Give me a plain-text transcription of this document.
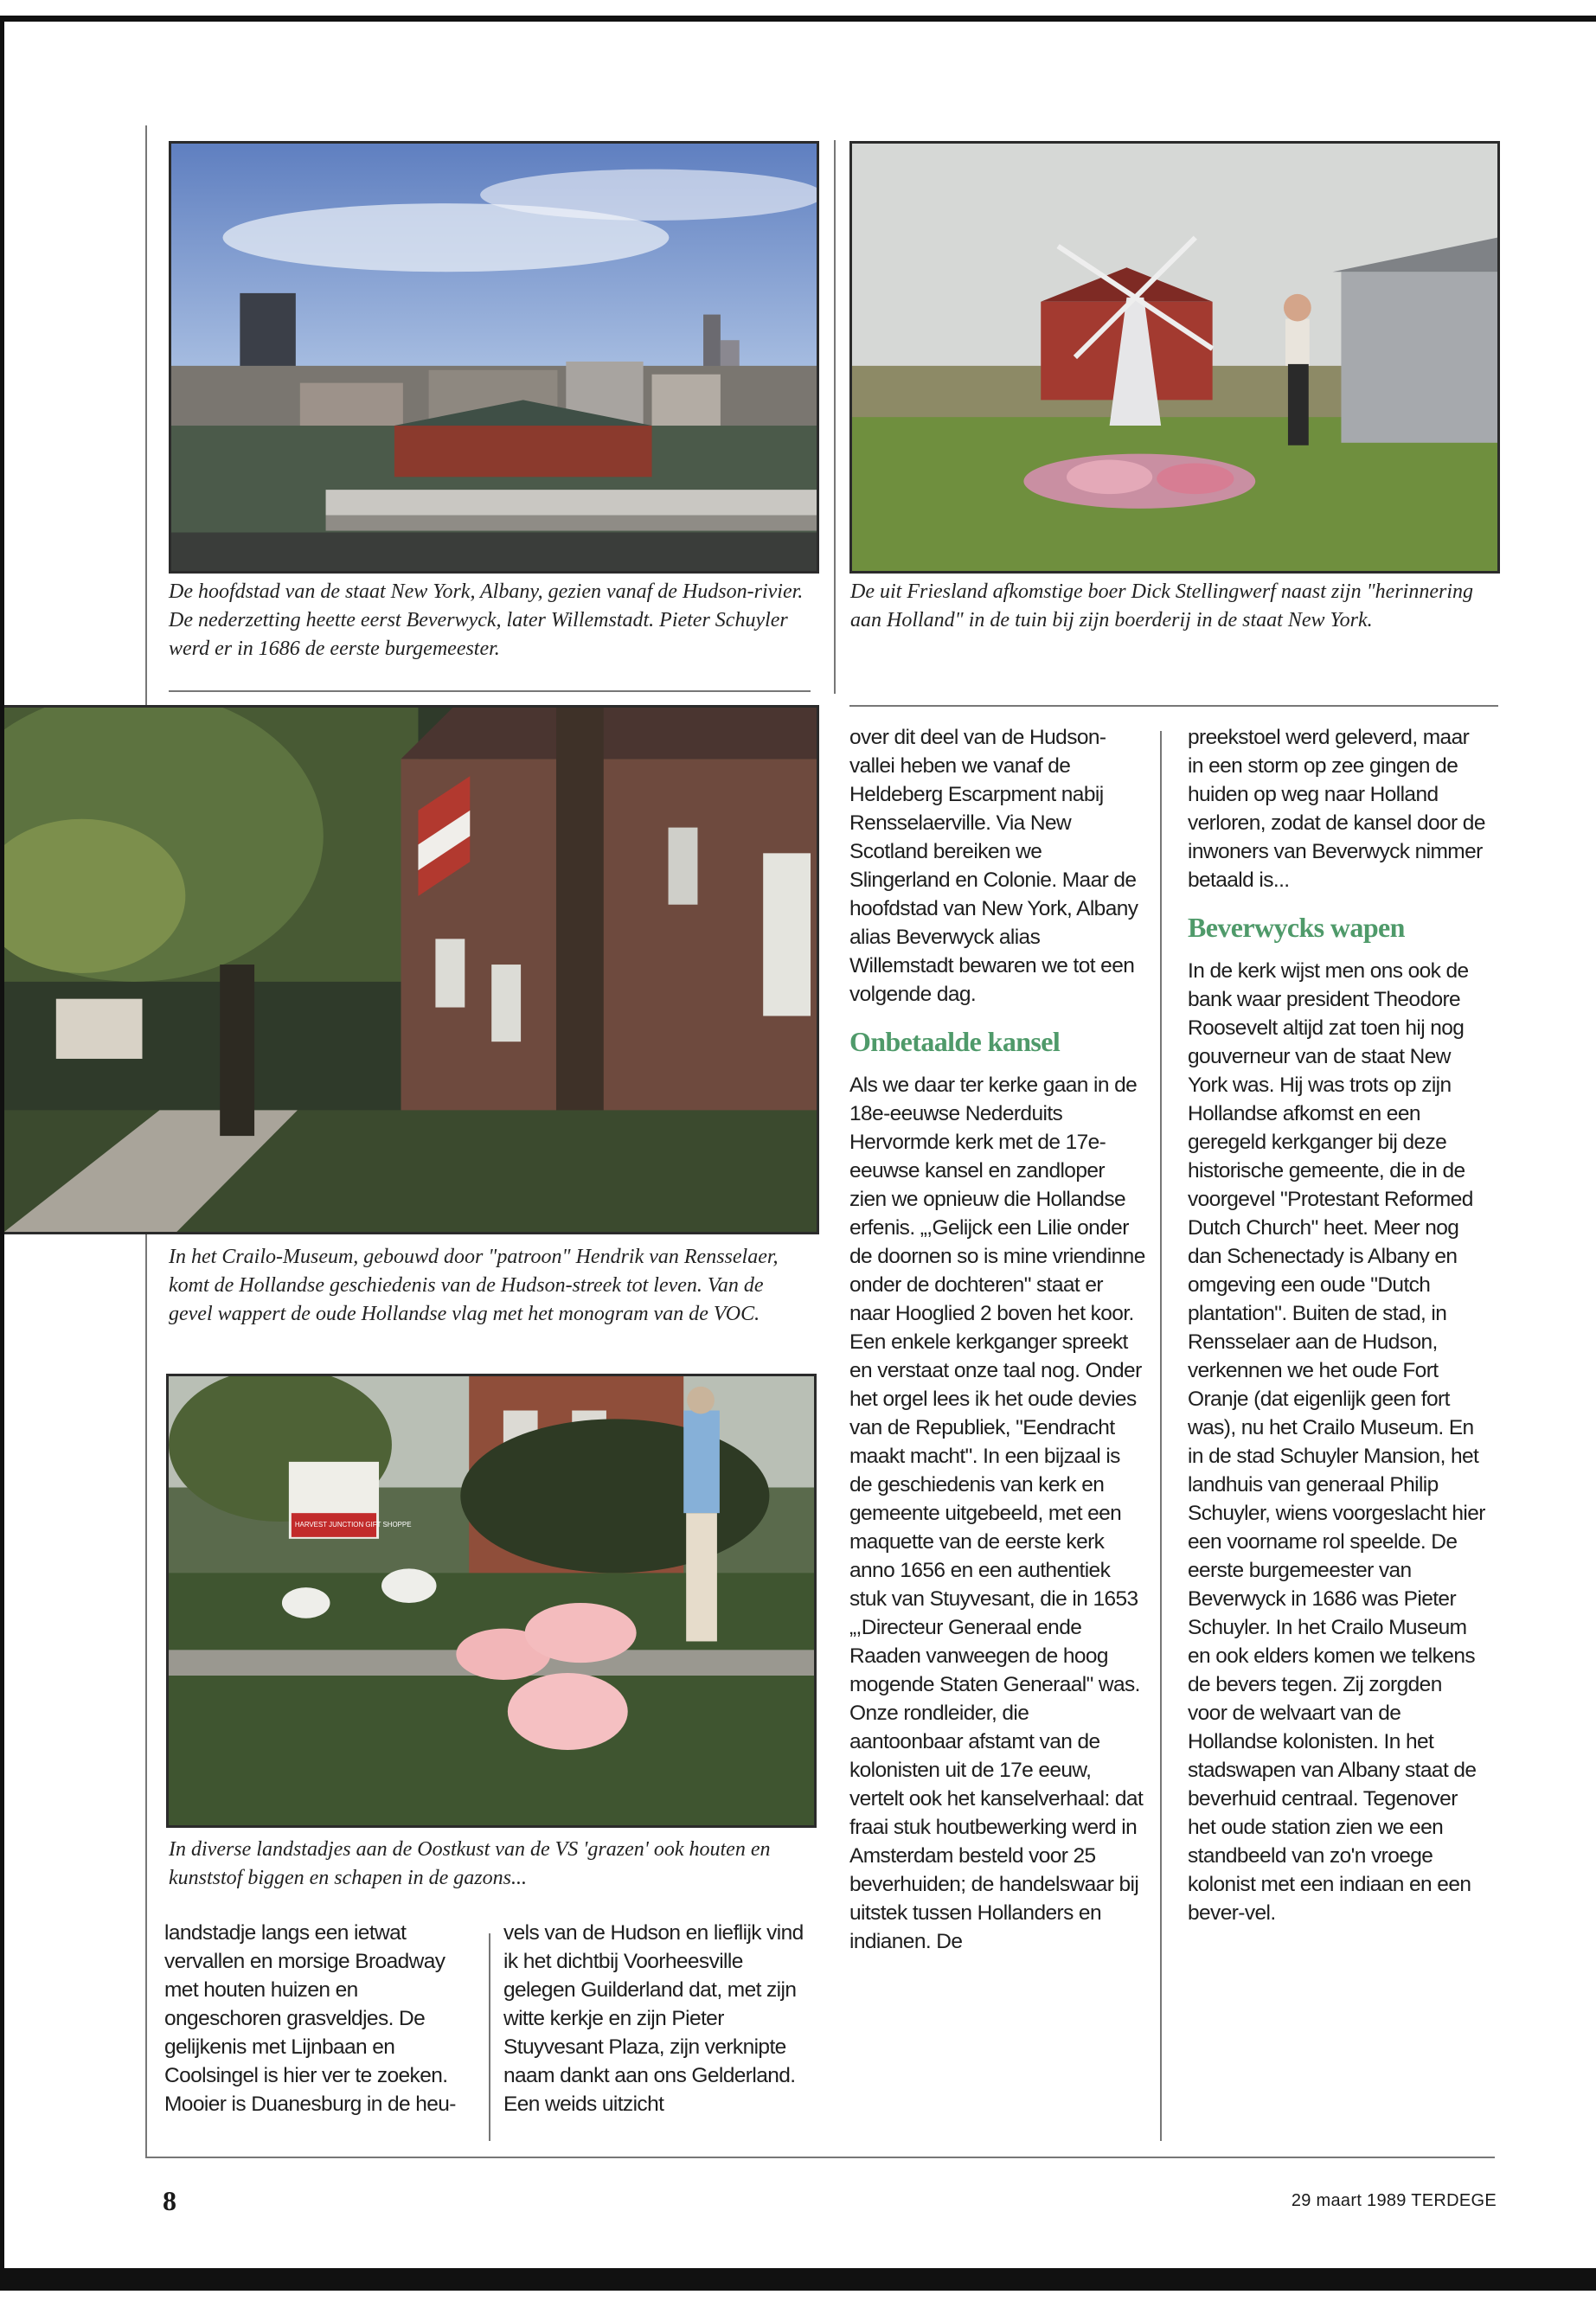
De hoofdstad van de staat New York, Albany, gezien vanaf de Hudson-rivier. De nederzetting heette eerst Beverwyck, later Willemstadt. Pieter Schuyler werd er in 1686 de eerste burgemeester.

De uit Friesland afkomstige boer Dick Stellingwerf naast zijn "herinnering aan Holland" in de tuin bij zijn boerderij in de staat New York.

In het Crailo-Museum, gebouwd door "patroon" Hendrik van Rensselaer, komt de Hollandse geschiedenis van de Hudson-streek tot leven. Van de gevel wappert de oude Hollandse vlag met het monogram van de VOC.

HARVEST JUNCTION GIFT SHOPPE

In diverse landstadjes aan de Oostkust van de VS 'grazen' ook houten en kunststof biggen en schapen in de gazons...

landstadje langs een ietwat vervallen en morsige Broadway met houten huizen en ongeschoren grasveldjes. De gelijkenis met Lijnbaan en Coolsingel is hier ver te zoeken. Mooier is Duanesburg in de heu-

vels van de Hudson en lieflijk vind ik het dichtbij Voorheesville gelegen Guilderland dat, met zijn witte kerkje en zijn Pieter Stuyvesant Plaza, zijn verknipte naam dankt aan ons Gelderland. Een weids uitzicht

over dit deel van de Hudson-vallei heben we vanaf de Heldeberg Escarpment nabij Rensselaerville. Via New Scotland bereiken we Slingerland en Colonie. Maar de hoofdstad van New York, Albany alias Beverwyck alias Willemstadt bewaren we tot een volgende dag.

Onbetaalde kansel

Als we daar ter kerke gaan in de 18e-eeuwse Nederduits Hervormde kerk met de 17e-eeuwse kansel en zandloper zien we opnieuw die Hollandse erfenis. „,Gelijck een Lilie onder de doornen so is mine vriendinne onder de dochteren" staat er naar Hooglied 2 boven het koor. Een enkele kerkganger spreekt en verstaat onze taal nog. Onder het orgel lees ik het oude devies van de Republiek, "Eendracht maakt macht". In een bijzaal is de geschiedenis van kerk en gemeente uitgebeeld, met een maquette van de eerste kerk anno 1656 en een authentiek stuk van Stuyvesant, die in 1653 „,Directeur Generaal ende Raaden vanweegen de hoog mogende Staten Generaal" was. Onze rondleider, die aantoonbaar afstamt van de kolonisten uit de 17e eeuw, vertelt ook het kanselverhaal: dat fraai stuk houtbewerking werd in Amsterdam besteld voor 25 beverhuiden; de handelswaar bij uitstek tussen Hollanders en indianen. De

preekstoel werd geleverd, maar in een storm op zee gingen de huiden op weg naar Holland verloren, zodat de kansel door de inwoners van Beverwyck nimmer betaald is...

Beverwycks wapen

In de kerk wijst men ons ook de bank waar president Theodore Roosevelt altijd zat toen hij nog gouverneur van de staat New York was. Hij was trots op zijn Hollandse afkomst en een geregeld kerkganger bij deze historische gemeente, die in de voorgevel "Protestant Reformed Dutch Church" heet. Meer nog dan Schenectady is Albany en omgeving een oude "Dutch plantation". Buiten de stad, in Rensselaer aan de Hudson, verkennen we het oude Fort Oranje (dat eigenlijk geen fort was), nu het Crailo Museum. En in de stad Schuyler Mansion, het landhuis van generaal Philip Schuyler, wiens voorgeslacht hier een voorname rol speelde. De eerste burgemeester van Beverwyck in 1686 was Pieter Schuyler. In het Crailo Museum en ook elders komen we telkens de bevers tegen. Zij zorgden voor de welvaart van de Hollandse kolonisten. In het stadswapen van Albany staat de beverhuid centraal. Tegenover het oude station zien we een standbeeld van zo'n vroege kolonist met een indiaan en een bever-vel.

8	29 maart 1989 TERDEGE
